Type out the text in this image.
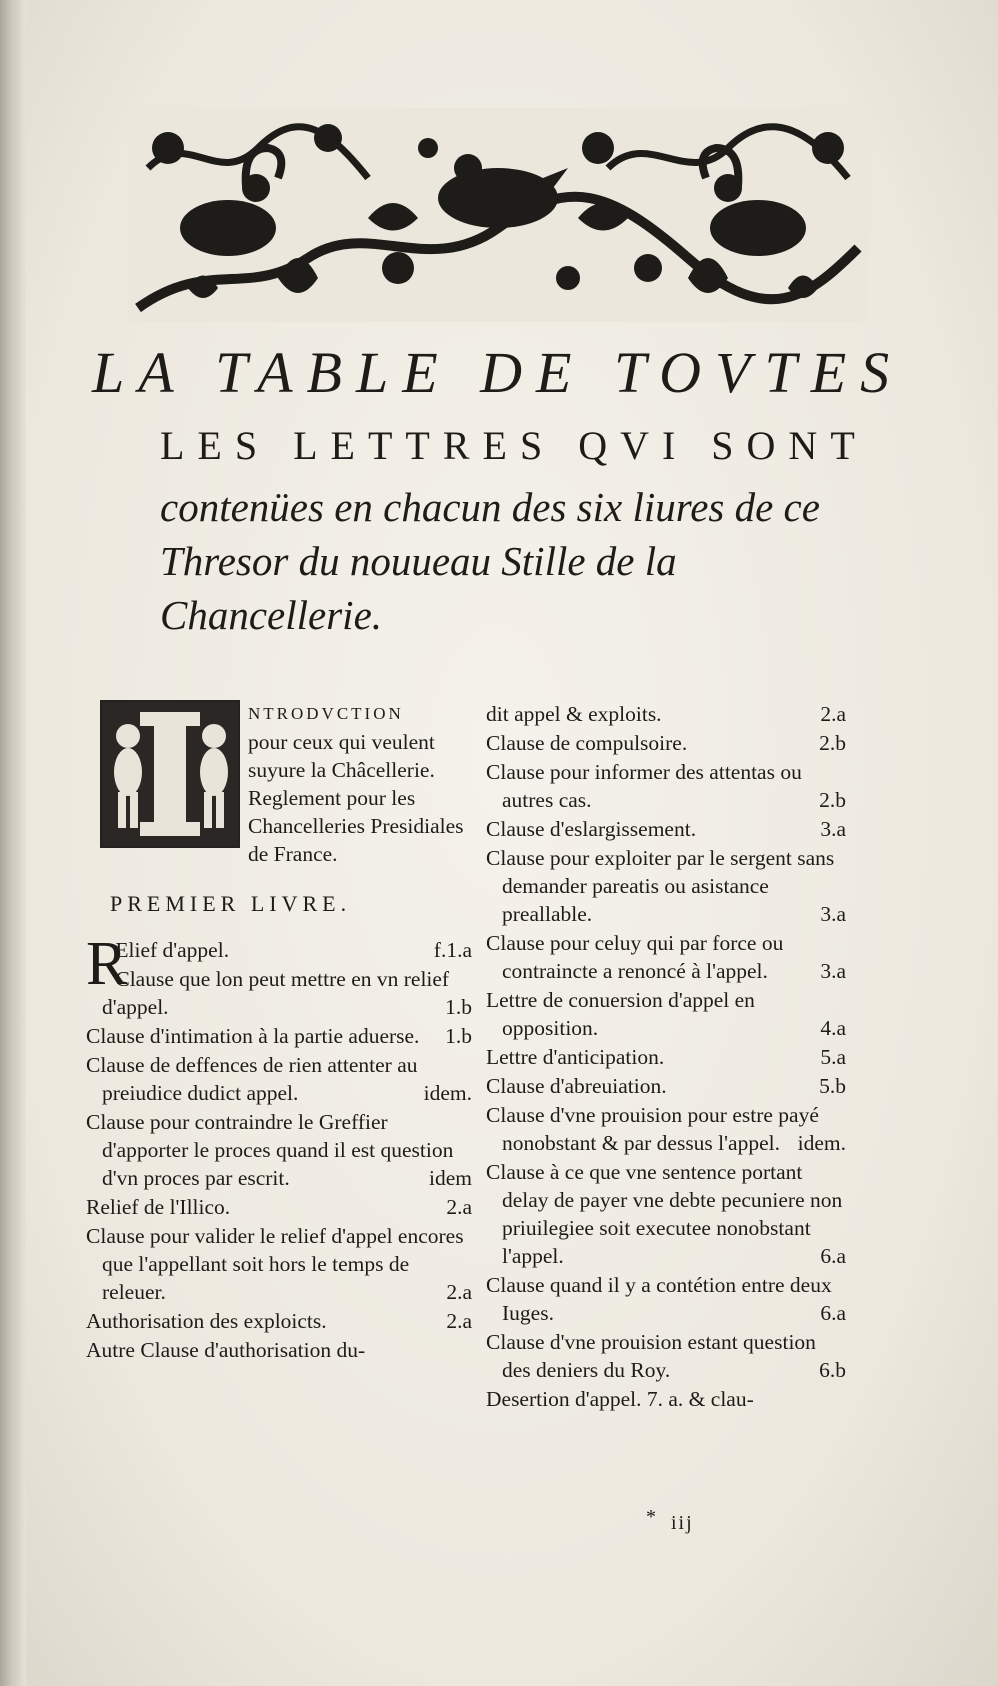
LA TABLE DE TOVTES
LES LETTRES QVI SONT
contenües en chacun des six liures de ce Thresor du nouueau Stille de la Chancellerie.
NTRODVCTION
pour ceux qui veulent suyure la Châcellerie.
Reglement pour les Chancelleries Presidiales de France.
PREMIER LIVRE.
R
Elief d'appel.	f.1.a
Clause que lon peut mettre en vn relief d'appel.	1.b
Clause d'intimation à la partie aduerse. 1.b
Clause de deffences de rien attenter au preiudice dudict appel.	idem.
Clause pour contraindre le Greffier d'apporter le proces quand il est question d'vn proces par escrit.	idem
Relief de l'Illico.	2.a
Clause pour valider le relief d'appel encores que l'appellant soit hors le temps de releuer.	2.a
Authorisation des exploicts.	2.a
Autre Clause d'authorisation du-
dit appel & exploits.	2.a
Clause de compulsoire.	2.b
Clause pour informer des attentas ou autres cas.	2.b
Clause d'eslargissement.	3.a
Clause pour exploiter par le sergent sans demander pareatis ou asistance preallable.	3.a
Clause pour celuy qui par force ou contraincte a renoncé à l'appel. 3.a
Lettre de conuersion d'appel en opposition.	4.a
Lettre d'anticipation.	5.a
Clause d'abreuiation.	5.b
Clause d'vne prouision pour estre payé nonobstant & par dessus l'appel. idem.
Clause à ce que vne sentence portant delay de payer vne debte pecuniere non priuilegiee soit executee nonobstant l'appel.	6.a
Clause quand il y a contétion entre deux Iuges.	6.a
Clause d'vne prouision estant question des deniers du Roy.	6.b
Desertion d'appel. 7. a. & clau-
* iij
